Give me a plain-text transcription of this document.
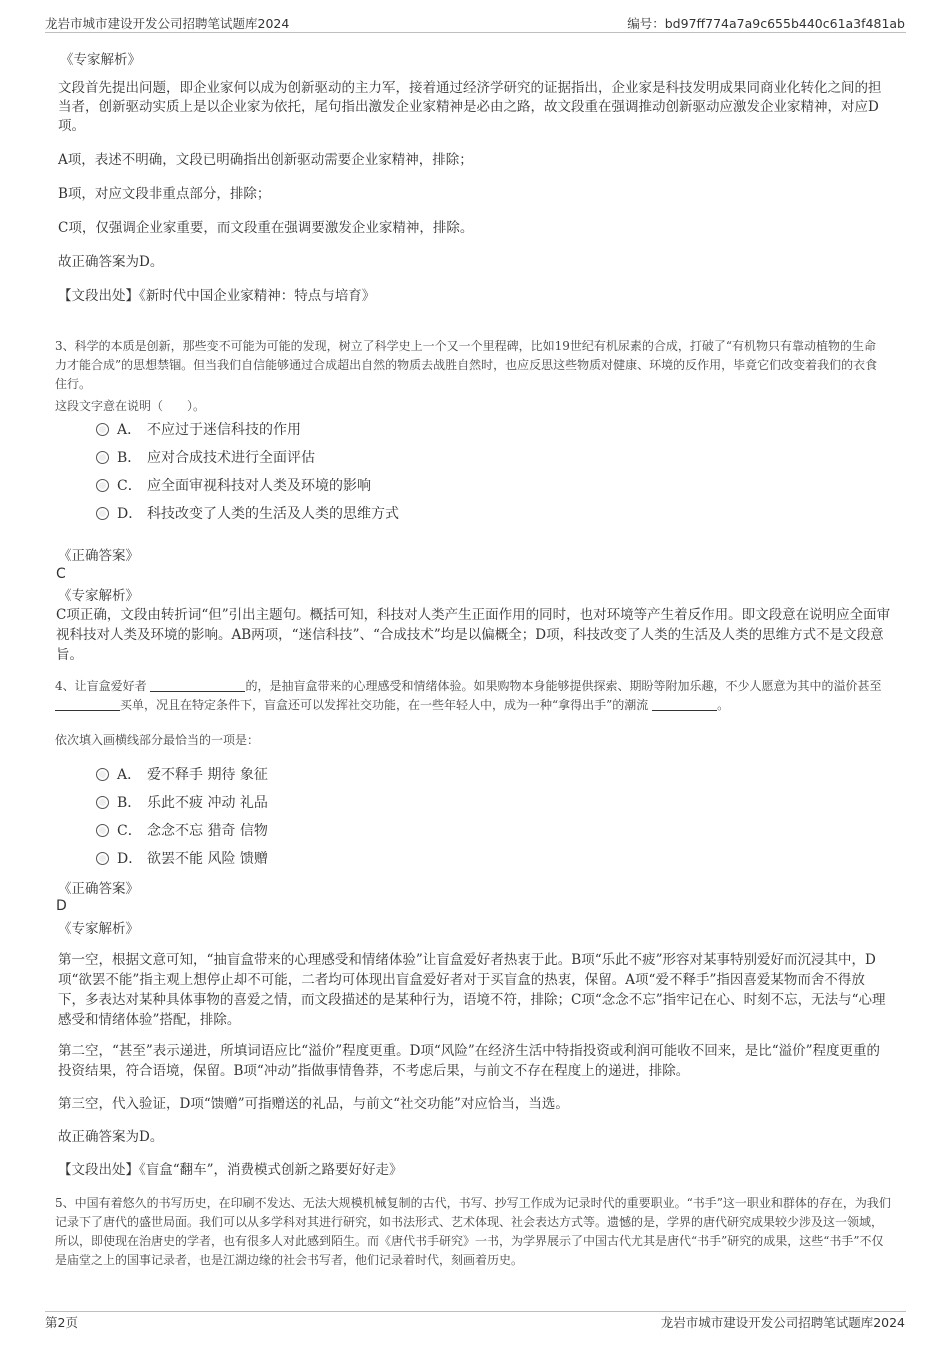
龙岩市城市建设开发公司招聘笔试题库2024	编号：bd97ff774a7a9c655b440c61a3f481ab
《专家解析》
文段首先提出问题，即企业家何以成为创新驱动的主力军，接着通过经济学研究的证据指出，企业家是科技发明成果同商业化转化之间的担当者，创新驱动实质上是以企业家为依托，尾句指出激发企业家精神是必由之路，故文段重在强调推动创新驱动应激发企业家精神，对应D项。
A项，表述不明确，文段已明确指出创新驱动需要企业家精神，排除；
B项，对应文段非重点部分，排除；
C项，仅强调企业家重要，而文段重在强调要激发企业家精神，排除。
故正确答案为D。
【文段出处】《新时代中国企业家精神：特点与培育》
3、科学的本质是创新，那些变不可能为可能的发现，树立了科学史上一个又一个里程碑，比如19世纪有机尿素的合成，打破了“有机物只有靠动植物的生命力才能合成”的思想禁锢。但当我们自信能够通过合成超出自然的物质去战胜自然时，也应反思这些物质对健康、环境的反作用，毕竟它们改变着我们的衣食住行。
这段文字意在说明（　　）。
A． 不应过于迷信科技的作用
B． 应对合成技术进行全面评估
C． 应全面审视科技对人类及环境的影响
D． 科技改变了人类的生活及人类的思维方式
《正确答案》
C
《专家解析》
C项正确，文段由转折词“但”引出主题句。概括可知，科技对人类产生正面作用的同时，也对环境等产生着反作用。即文段意在说明应全面审视科技对人类及环境的影响。AB两项，“迷信科技”、“合成技术”均是以偏概全；D项，科技改变了人类的生活及人类的思维方式不是文段意旨。
4、让盲盒爱好者	的，是抽盲盒带来的心理感受和情绪体验。如果购物本身能够提供探索、期盼等附加乐趣，不少人愿意为其中的溢价甚至 买单，况且在特定条件下，盲盒还可以发挥社交功能，在一些年轻人中，成为一种“拿得出手”的潮流	。
依次填入画横线部分最恰当的一项是：
A． 爱不释手 期待 象征
B． 乐此不疲 冲动 礼品
C． 念念不忘 猎奇 信物
D． 欲罢不能 风险 馈赠
《正确答案》
D
《专家解析》
第一空，根据文意可知，“抽盲盒带来的心理感受和情绪体验”让盲盒爱好者热衷于此。B项“乐此不疲”形容对某事特别爱好而沉浸其中，D项“欲罢不能”指主观上想停止却不可能，二者均可体现出盲盒爱好者对于买盲盒的热衷，保留。A项“爱不释手”指因喜爱某物而舍不得放下，多表达对某种具体事物的喜爱之情，而文段描述的是某种行为，语境不符，排除；C项“念念不忘”指牢记在心、时刻不忘，无法与“心理感受和情绪体验”搭配，排除。
第二空，“甚至”表示递进，所填词语应比“溢价”程度更重。D项“风险”在经济生活中特指投资或利润可能收不回来，是比“溢价”程度更重的投资结果，符合语境，保留。B项“冲动”指做事情鲁莽，不考虑后果，与前文不存在程度上的递进，排除。
第三空，代入验证，D项“馈赠”可指赠送的礼品，与前文“社交功能”对应恰当，当选。
故正确答案为D。
【文段出处】《盲盒“翻车”，消费模式创新之路要好好走》
5、中国有着悠久的书写历史，在印刷不发达、无法大规模机械复制的古代，书写、抄写工作成为记录时代的重要职业。“书手”这一职业和群体的存在，为我们记录下了唐代的盛世局面。我们可以从多学科对其进行研究，如书法形式、艺术体现、社会表达方式等。遗憾的是，学界的唐代研究成果较少涉及这一领域，所以，即使现在治唐史的学者，也有很多人对此感到陌生。而《唐代书手研究》一书，为学界展示了中国古代尤其是唐代“书手”研究的成果，这些“书手”不仅是庙堂之上的国事记录者，也是江湖边缘的社会书写者，他们记录着时代，刻画着历史。
第2页	龙岩市城市建设开发公司招聘笔试题库2024
